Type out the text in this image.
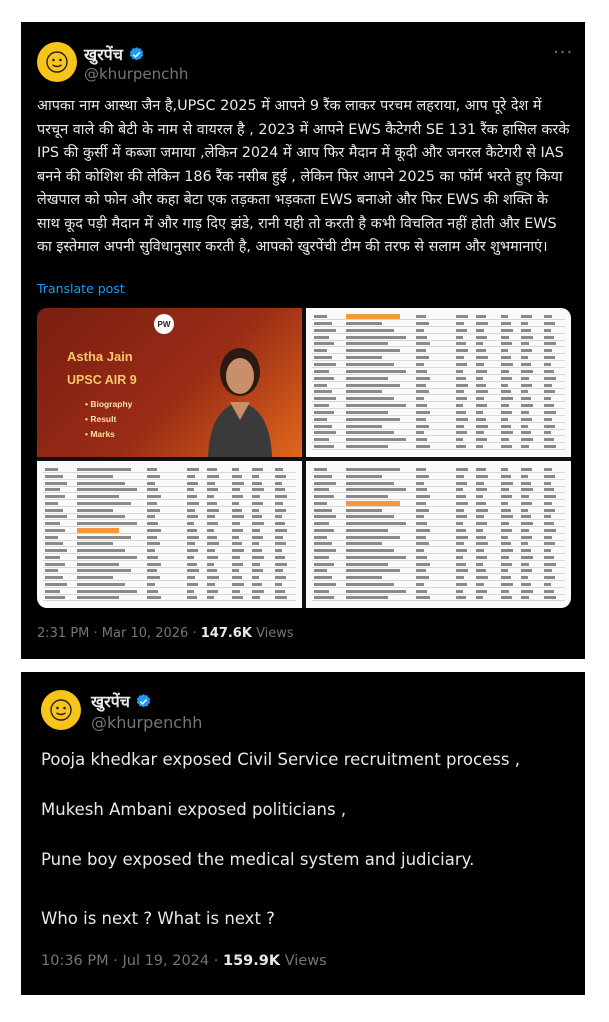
खुरपेंच
@khurpenchh
···
आपका नाम आस्था जैन है,UPSC 2025 में आपने 9 रैंक लाकर परचम लहराया, आप पूरे देश में परचून वाले की बेटी के नाम से वायरल है , 2023 में आपने EWS कैटेगरी SE 131 रैंक हासिल करके IPS की कुर्सी में कब्जा जमाया ,लेकिन 2024 में आप फिर मैदान में कूदी और जनरल कैटेगरी से IAS बनने की कोशिश की लेकिन 186 रैंक नसीब हुई , लेकिन फिर आपने 2025 का फॉर्म भरते हुए किया लेखपाल को फोन और कहा बेटा एक तड़कता भड़कता EWS बनाओ और फिर EWS की शक्ति के साथ कूद पड़ी मैदान में और गाड़ दिए झंडे, रानी यही तो करती है कभी विचलित नहीं होती और EWS का इस्तेमाल अपनी सुविधानुसार करती है, आपको खुरपेंची टीम की तरफ से सलाम और शुभमानाएं।
Translate post
PW
Astha Jain
UPSC AIR 9
• Biography
• Result
• Marks
2:31 PM · Mar 10, 2026 · 147.6K Views
खुरपेंच
@khurpenchh
Pooja khedkar exposed Civil Service recruitment process ,
Mukesh Ambani exposed politicians ,
Pune boy exposed the medical system and judiciary.
Who is next ? What is next ?
10:36 PM · Jul 19, 2024 · 159.9K Views
